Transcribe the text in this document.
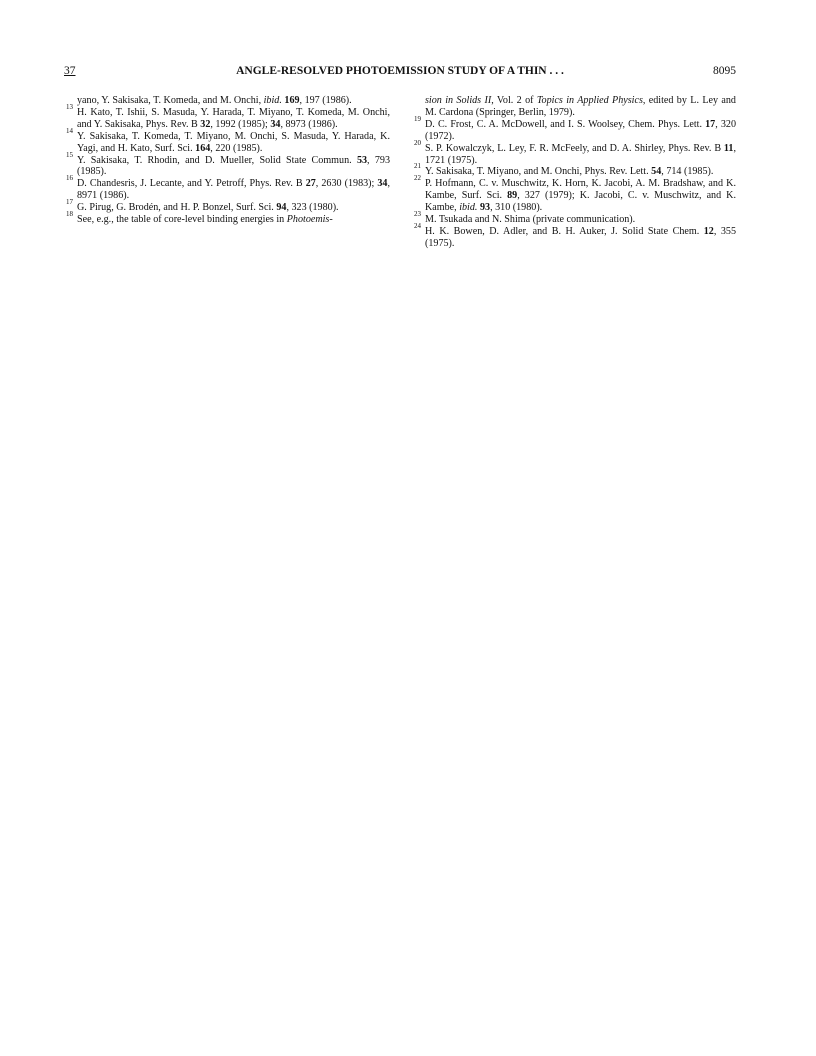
37	ANGLE-RESOLVED PHOTOEMISSION STUDY OF A THIN . . .	8095

yano, Y. Sakisaka, T. Komeda, and M. Onchi, ibid. 169, 197 (1986).

13 H. Kato, T. Ishii, S. Masuda, Y. Harada, T. Miyano, T. Komeda, M. Onchi, and Y. Sakisaka, Phys. Rev. B 32, 1992 (1985); 34, 8973 (1986).

14 Y. Sakisaka, T. Komeda, T. Miyano, M. Onchi, S. Masuda, Y. Harada, K. Yagi, and H. Kato, Surf. Sci. 164, 220 (1985).

15 Y. Sakisaka, T. Rhodin, and D. Mueller, Solid State Commun. 53, 793 (1985).

16 D. Chandesris, J. Lecante, and Y. Petroff, Phys. Rev. B 27, 2630 (1983); 34, 8971 (1986).

17 G. Pirug, G. Brodén, and H. P. Bonzel, Surf. Sci. 94, 323 (1980).

18 See, e.g., the table of core-level binding energies in Photoemis-

sion in Solids II, Vol. 2 of Topics in Applied Physics, edited by L. Ley and M. Cardona (Springer, Berlin, 1979).

19 D. C. Frost, C. A. McDowell, and I. S. Woolsey, Chem. Phys. Lett. 17, 320 (1972).

20 S. P. Kowalczyk, L. Ley, F. R. McFeely, and D. A. Shirley, Phys. Rev. B 11, 1721 (1975).

21 Y. Sakisaka, T. Miyano, and M. Onchi, Phys. Rev. Lett. 54, 714 (1985).

22 P. Hofmann, C. v. Muschwitz, K. Horn, K. Jacobi, A. M. Bradshaw, and K. Kambe, Surf. Sci. 89, 327 (1979); K. Jacobi, C. v. Muschwitz, and K. Kambe, ibid. 93, 310 (1980).

23 M. Tsukada and N. Shima (private communication).

24 H. K. Bowen, D. Adler, and B. H. Auker, J. Solid State Chem. 12, 355 (1975).
